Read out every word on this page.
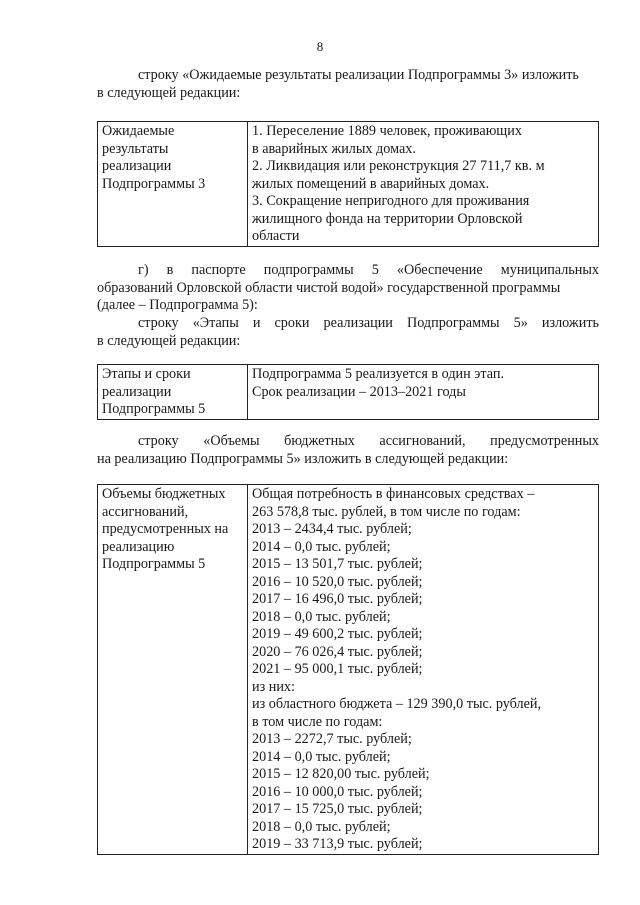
8
строку «Ожидаемые результаты реализации Подпрограммы 3» изложить
в следующей редакции:
Ожидаемые
результаты
реализации
Подпрограммы 3

1. Переселение 1889 человек, проживающих
в аварийных жилых домах.
2. Ликвидация или реконструкция 27 711,7 кв. м
жилых помещений в аварийных домах.
3. Сокращение непригодного для проживания
жилищного фонда на территории Орловской
области
г) в паспорте подпрограммы 5 «Обеспечение муниципальных
образований Орловской области чистой водой» государственной программы
(далее – Подпрограмма 5):
строку «Этапы и сроки реализации Подпрограммы 5» изложить
в следующей редакции:
Этапы и сроки
реализации
Подпрограммы 5

Подпрограмма 5 реализуется в один этап.
Срок реализации – 2013–2021 годы
строку «Объемы бюджетных ассигнований, предусмотренных
на реализацию Подпрограммы 5» изложить в следующей редакции:
Объемы бюджетных
ассигнований,
предусмотренных на
реализацию
Подпрограммы 5

Общая потребность в финансовых средствах –
263 578,8 тыс. рублей, в том числе по годам:
2013 – 2434,4 тыс. рублей;
2014 – 0,0 тыс. рублей;
2015 – 13 501,7 тыс. рублей;
2016 – 10 520,0 тыс. рублей;
2017 – 16 496,0 тыс. рублей;
2018 – 0,0 тыс. рублей;
2019 – 49 600,2 тыс. рублей;
2020 – 76 026,4 тыс. рублей;
2021 – 95 000,1 тыс. рублей;
из них:
из областного бюджета – 129 390,0 тыс. рублей,
в том числе по годам:
2013 – 2272,7 тыс. рублей;
2014 – 0,0 тыс. рублей;
2015 – 12 820,00 тыс. рублей;
2016 – 10 000,0 тыс. рублей;
2017 – 15 725,0 тыс. рублей;
2018 – 0,0 тыс. рублей;
2019 – 33 713,9 тыс. рублей;
